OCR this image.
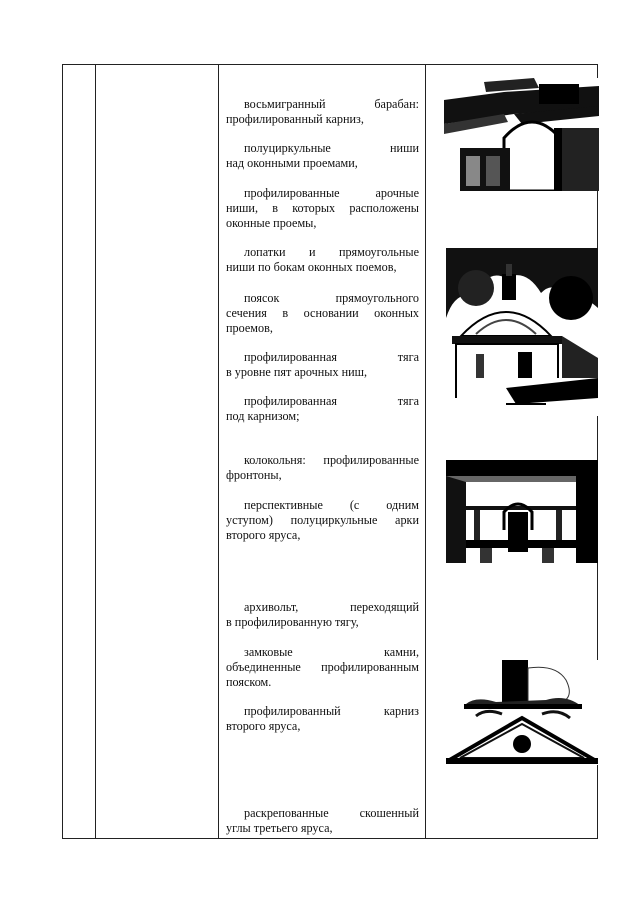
восьмигранный барабан:
профилированный карниз,
полуциркульные ниши
над оконными проемами,
профилированные арочные
ниши, в которых расположены
оконные проемы,
лопатки и прямоугольные
ниши по бокам оконных поемов,
поясок прямоугольного
сечения в основании оконных
проемов,
профилированная тяга
в уровне пят арочных ниш,
профилированная тяга
под карнизом;
колокольня: профилированные
фронтоны,
перспективные (с одним
уступом) полуциркульные арки
второго яруса,
архивольт, переходящий
в профилированную тягу,
замковые камни,
объединенные профилированным
пояском.
профилированный карниз
второго яруса,
раскрепованные скошенный
углы третьего яруса,
